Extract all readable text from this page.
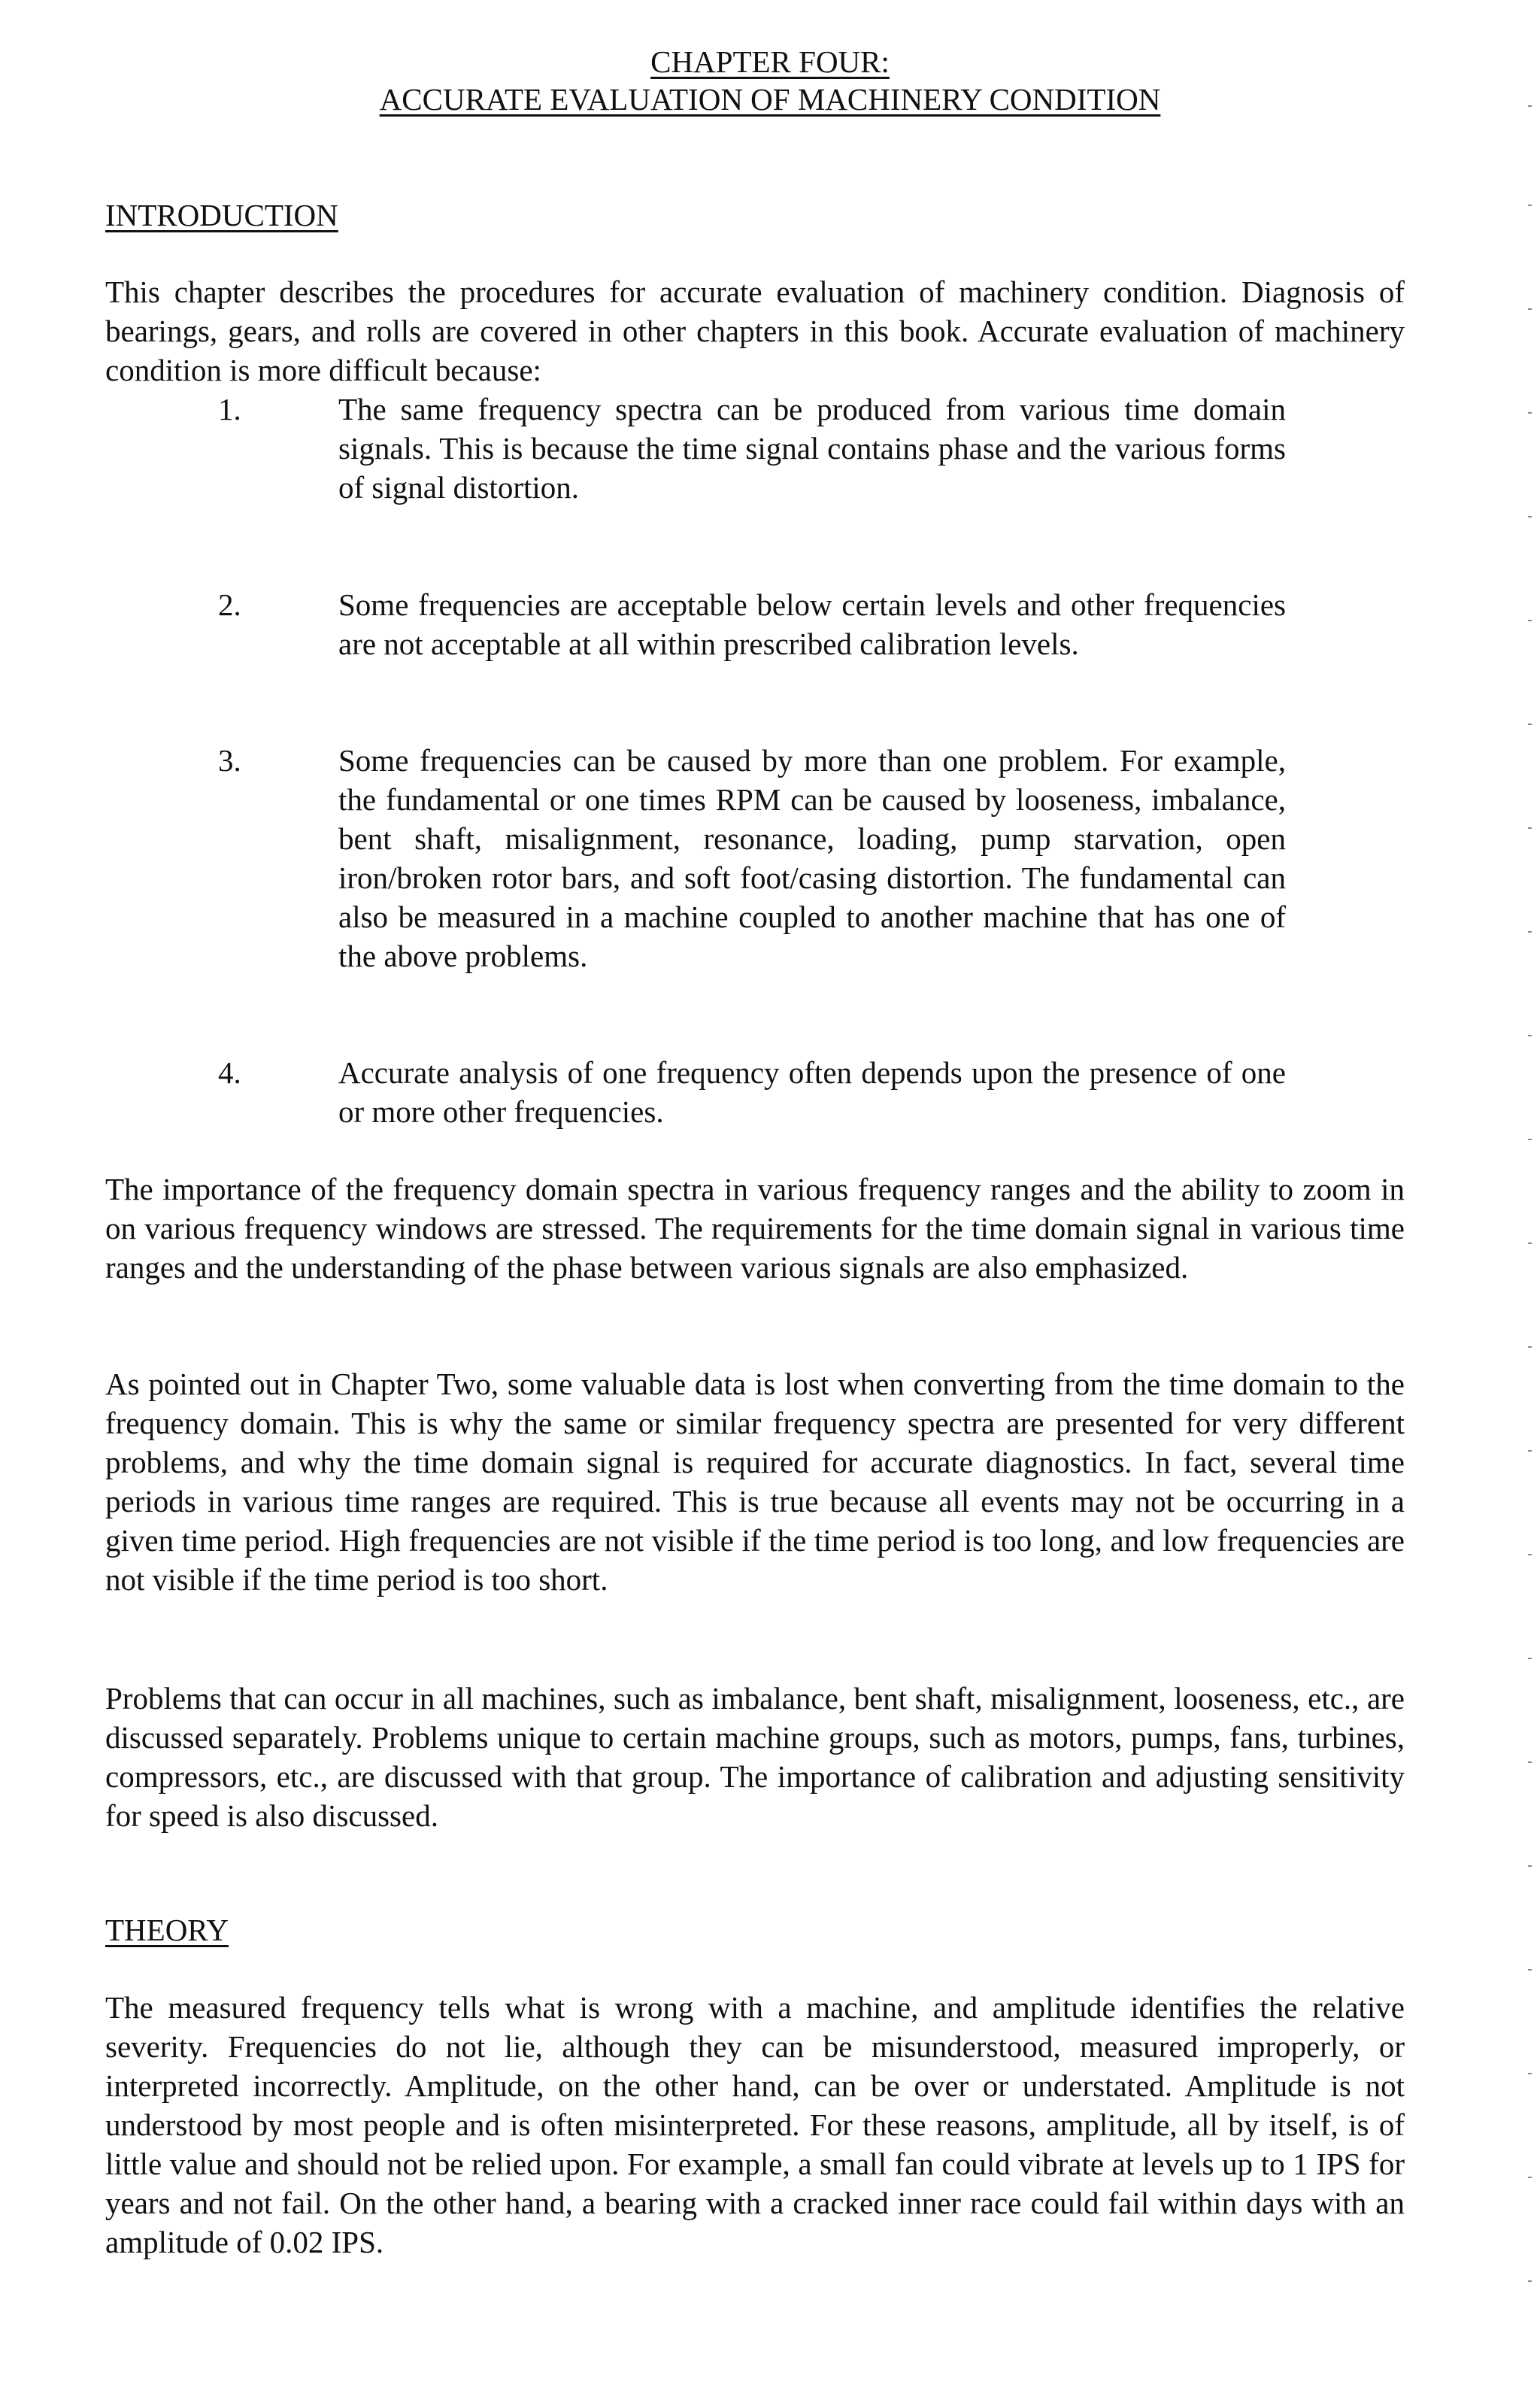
CHAPTER FOUR:
ACCURATE EVALUATION OF MACHINERY CONDITION
INTRODUCTION

This chapter describes the procedures for accurate evaluation of machinery condition. Diagnosis of bearings, gears, and rolls are covered in other chapters in this book. Accurate evaluation of machinery condition is more difficult because:

1.	The same frequency spectra can be produced from various time domain signals. This is because the time signal contains phase and the various forms of signal distortion.

2.	Some frequencies are acceptable below certain levels and other frequencies are not acceptable at all within prescribed calibration levels.

3.	Some frequencies can be caused by more than one problem. For example, the fundamental or one times RPM can be caused by looseness, imbalance, bent shaft, misalignment, resonance, loading, pump starvation, open iron/broken rotor bars, and soft foot/casing distortion. The fundamental can also be measured in a machine coupled to another machine that has one of the above problems.

4.	Accurate analysis of one frequency often depends upon the presence of one or more other frequencies.

The importance of the frequency domain spectra in various frequency ranges and the ability to zoom in on various frequency windows are stressed. The requirements for the time domain signal in various time ranges and the understanding of the phase between various signals are also emphasized.

As pointed out in Chapter Two, some valuable data is lost when converting from the time domain to the frequency domain. This is why the same or similar frequency spectra are presented for very different problems, and why the time domain signal is required for accurate diagnostics. In fact, several time periods in various time ranges are required. This is true because all events may not be occurring in a given time period. High frequencies are not visible if the time period is too long, and low frequencies are not visible if the time period is too short.

Problems that can occur in all machines, such as imbalance, bent shaft, misalignment, looseness, etc., are discussed separately. Problems unique to certain machine groups, such as motors, pumps, fans, turbines, compressors, etc., are discussed with that group. The importance of calibration and adjusting sensitivity for speed is also discussed.

THEORY

The measured frequency tells what is wrong with a machine, and amplitude identifies the relative severity. Frequencies do not lie, although they can be misunderstood, measured improperly, or interpreted incorrectly. Amplitude, on the other hand, can be over or understated. Amplitude is not understood by most people and is often misinterpreted. For these reasons, amplitude, all by itself, is of little value and should not be relied upon. For example, a small fan could vibrate at levels up to 1 IPS for years and not fail. On the other hand, a bearing with a cracked inner race could fail within days with an amplitude of 0.02 IPS.
